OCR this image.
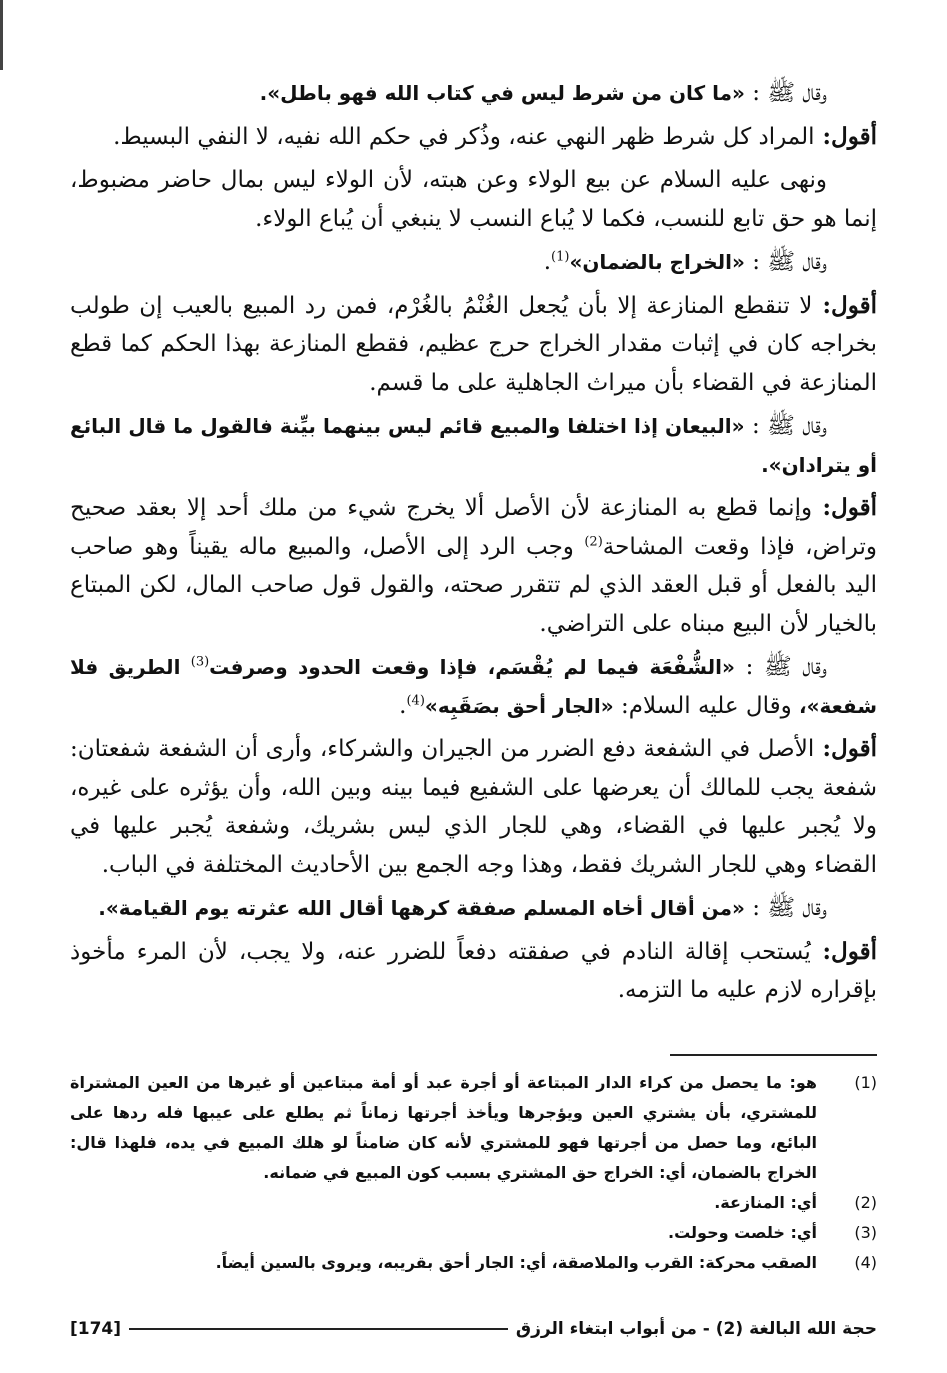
وقال ﷺ : «ما كان من شرط ليس في كتاب الله فهو باطل».

أقول: المراد كل شرط ظهر النهي عنه، وذُكر في حكم الله نفيه، لا النفي البسيط.

ونهى عليه السلام عن بيع الولاء وعن هبته، لأن الولاء ليس بمال حاضر مضبوط، إنما هو حق تابع للنسب، فكما لا يُباع النسب لا ينبغي أن يُباع الولاء.

وقال ﷺ : «الخراج بالضمان»$^{(1)}$.

أقول: لا تنقطع المنازعة إلا بأن يُجعل الغُنْمُ بالغُرْم، فمن رد المبيع بالعيب إن طولب بخراجه كان في إثبات مقدار الخراج حرج عظيم، فقطع المنازعة بهذا الحكم كما قطع المنازعة في القضاء بأن ميراث الجاهلية على ما قسم.

وقال ﷺ : «البيعان إذا اختلفا والمبيع قائم ليس بينهما بيِّنة فالقول ما قال البائع أو يترادان».

أقول: وإنما قطع به المنازعة لأن الأصل ألا يخرج شيء من ملك أحد إلا بعقد صحيح وتراض، فإذا وقعت المشاحة$^{(2)}$ وجب الرد إلى الأصل، والمبيع ماله يقيناً وهو صاحب اليد بالفعل أو قبل العقد الذي لم تتقرر صحته، والقول قول صاحب المال، لكن المبتاع بالخيار لأن البيع مبناه على التراضي.

وقال ﷺ : «الشُّفْعَة فيما لم يُقْسَم، فإذا وقعت الحدود وصرفت$^{(3)}$ الطريق فلا شفعة»، وقال عليه السلام: «الجار أحق بصَقَبِه»$^{(4)}$.

أقول: الأصل في الشفعة دفع الضرر من الجيران والشركاء، وأرى أن الشفعة شفعتان: شفعة يجب للمالك أن يعرضها على الشفيع فيما بينه وبين الله، وأن يؤثره على غيره، ولا يُجبر عليها في القضاء، وهي للجار الذي ليس بشريك، وشفعة يُجبر عليها في القضاء وهي للجار الشريك فقط، وهذا وجه الجمع بين الأحاديث المختلفة في الباب.

وقال ﷺ : «من أقال أخاه المسلم صفقة كرهها أقال الله عثرته يوم القيامة».

أقول: يُستحب إقالة النادم في صفقته دفعاً للضرر عنه، ولا يجب، لأن المرء مأخوذ بإقراره لازم عليه ما التزمه.

(1)
هو: ما يحصل من كراء الدار المبتاعة أو أجرة عبد أو أمة مبتاعين أو غيرها من العين المشتراة للمشتري، بأن يشتري العين ويؤجرها ويأخذ أجرتها زماناً ثم يطلع على عيبها فله ردها على البائع، وما حصل من أجرتها فهو للمشتري لأنه كان ضامناً لو هلك المبيع في يده، فلهذا قال: الخراج بالضمان، أي: الخراج حق المشتري بسبب كون المبيع في ضمانه.
(2)
أي: المنازعة.
(3)
أي: خلصت وحولت.
(4)
الصقب محركة: القرب والملاصقة، أي: الجار أحق بقريبه، ويروى بالسين أيضاً.
حجة الله البالغة (2) - من أبواب ابتغاء الرزق
[174]
